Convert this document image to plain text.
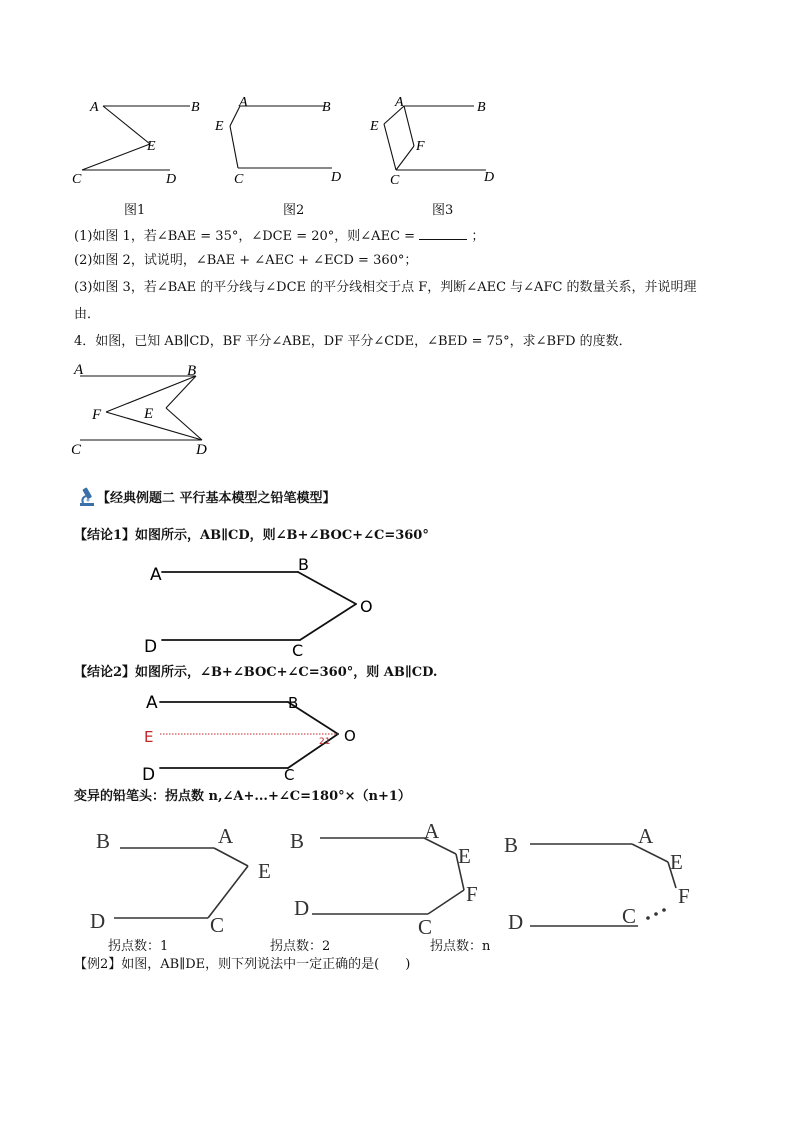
A	B
E
C	D
图1
A	B
E
C	D
图2
A	B
E
F
C	D
图3
(1)如图 1，若∠BAE = 35°，∠DCE = 20°，则∠AEC =	；
(2)如图 2，试说明，∠BAE + ∠AEC + ∠ECD = 360°；
(3)如图 3，若∠BAE 的平分线与∠DCE 的平分线相交于点 F，判断∠AEC 与∠AFC 的数量关系，并说明理
由．
4．如图，已知 AB∥CD，BF 平分∠ABE，DF 平分∠CDE，∠BED = 75°，求∠BFD 的度数．
A	B
F	E
C	D
【经典例题二 平行基本模型之铅笔模型】
【结论1】如图所示，AB∥CD，则∠B+∠BOC+∠C=360°
A
B
O
D	C
【结论2】如图所示，∠B+∠BOC+∠C=360°，则 AB∥CD.
A	B
E	21 O
D	C
变异的铅笔头：拐点数 n,∠A+...+∠C=180°×（n+1）
B	A
E
D	C
B	A
E
F
D
C
B	A
E
F
D	C
拐点数：1	拐点数：2	拐点数：n
【例2】如图，AB∥DE，则下列说法中一定正确的是(　　)
